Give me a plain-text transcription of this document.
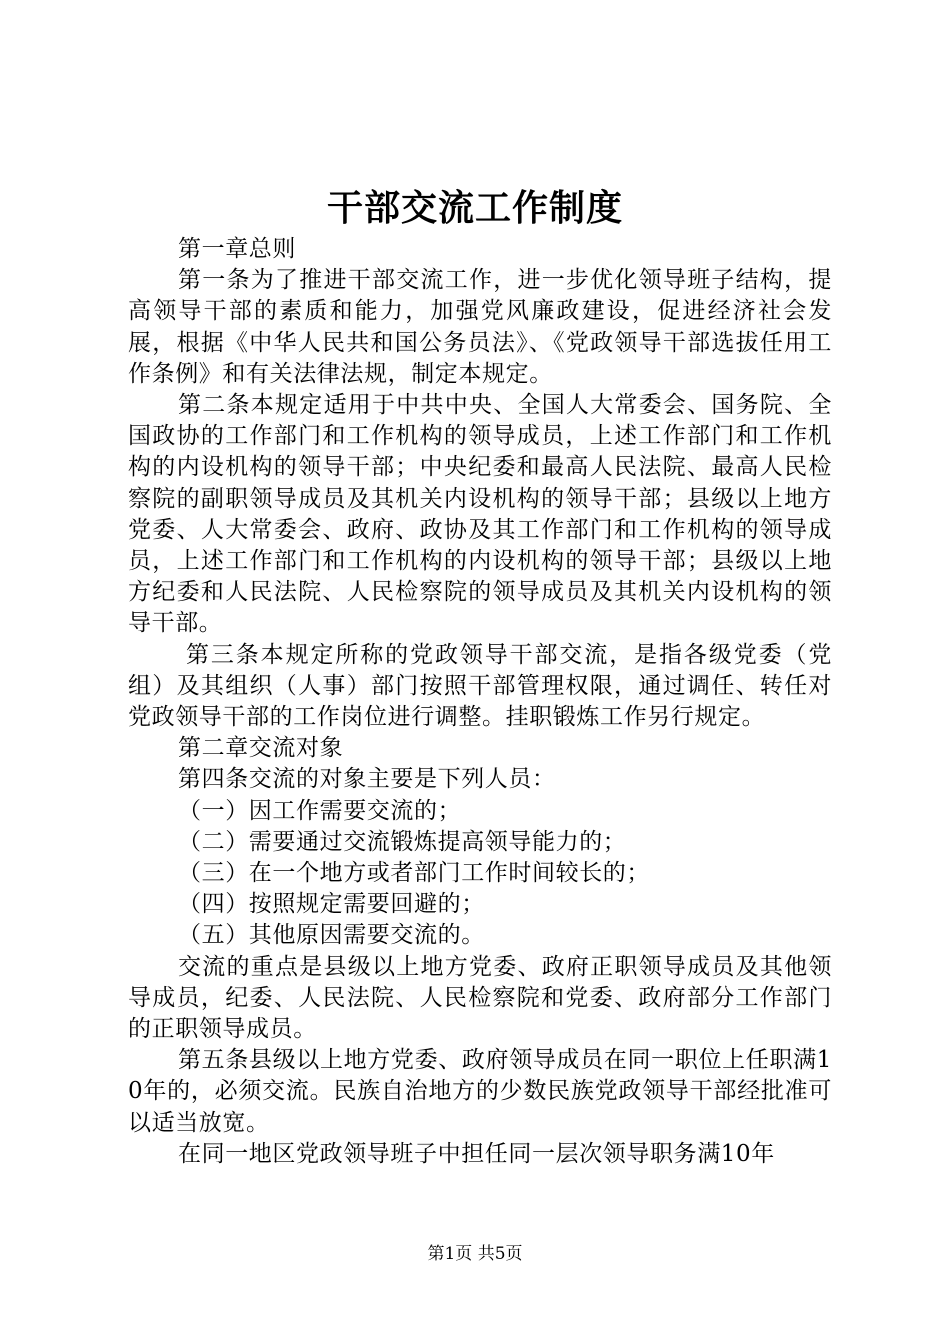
干部交流工作制度

第一章总则

第一条为了推进干部交流工作，进一步优化领导班子结构，提高领导干部的素质和能力，加强党风廉政建设，促进经济社会发展，根据《中华人民共和国公务员法》、《党政领导干部选拔任用工作条例》和有关法律法规，制定本规定。

第二条本规定适用于中共中央、全国人大常委会、国务院、全国政协的工作部门和工作机构的领导成员，上述工作部门和工作机构的内设机构的领导干部；中央纪委和最高人民法院、最高人民检察院的副职领导成员及其机关内设机构的领导干部；县级以上地方党委、人大常委会、政府、政协及其工作部门和工作机构的领导成员，上述工作部门和工作机构的内设机构的领导干部；县级以上地方纪委和人民法院、人民检察院的领导成员及其机关内设机构的领导干部。

第三条本规定所称的党政领导干部交流，是指各级党委（党组）及其组织（人事）部门按照干部管理权限，通过调任、转任对党政领导干部的工作岗位进行调整。挂职锻炼工作另行规定。

第二章交流对象

第四条交流的对象主要是下列人员：

（一）因工作需要交流的；

（二）需要通过交流锻炼提高领导能力的；

（三）在一个地方或者部门工作时间较长的；

（四）按照规定需要回避的；

（五）其他原因需要交流的。

交流的重点是县级以上地方党委、政府正职领导成员及其他领导成员，纪委、人民法院、人民检察院和党委、政府部分工作部门的正职领导成员。

第五条县级以上地方党委、政府领导成员在同一职位上任职满10年的，必须交流。民族自治地方的少数民族党政领导干部经批准可以适当放宽。

在同一地区党政领导班子中担任同一层次领导职务满10年

第1页 共5页
